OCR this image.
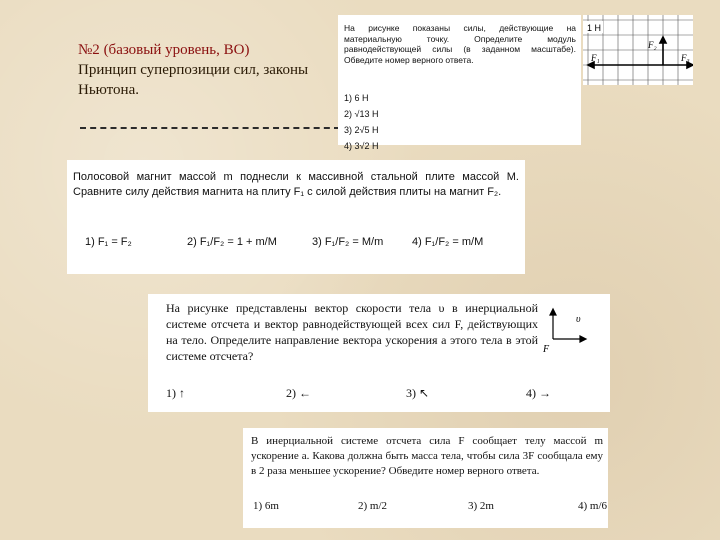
№2 (базовый уровень, ВО)
Принцип суперпозиции сил, законы Ньютона.
На рисунке показаны силы, действующие на материальную точку. Определите модуль равнодействующей силы (в заданном масштабе). Обведите номер верного ответа.
1) 6 Н
2) √13 Н
3) 2√5 Н
4) 3√2 Н
1 Н
F₁
F₂
F₃
Полосовой магнит массой m поднесли к массивной стальной плите массой M. Сравните силу действия магнита на плиту F₁ с силой действия плиты на магнит F₂.
1) F₁ = F₂	2) F₁/F₂ = 1 + m/M	3) F₁/F₂ = M/m	4) F₁/F₂ = m/M
На рисунке представлены вектор скорости тела υ в инерциальной системе отсчета и вектор равнодействующей всех сил F, действующих на тело. Определите направление вектора ускорения a этого тела в этой системе отсчета?
υ
F
1) ↑	2) ←	3) ↖	4) →
В инерциальной системе отсчета сила F сообщает телу массой m ускорение a. Какова должна быть масса тела, чтобы сила 3F сообщала ему в 2 раза меньшее ускорение? Обведите номер верного ответа.
1) 6m	2) m/2	3) 2m	4) m/6
